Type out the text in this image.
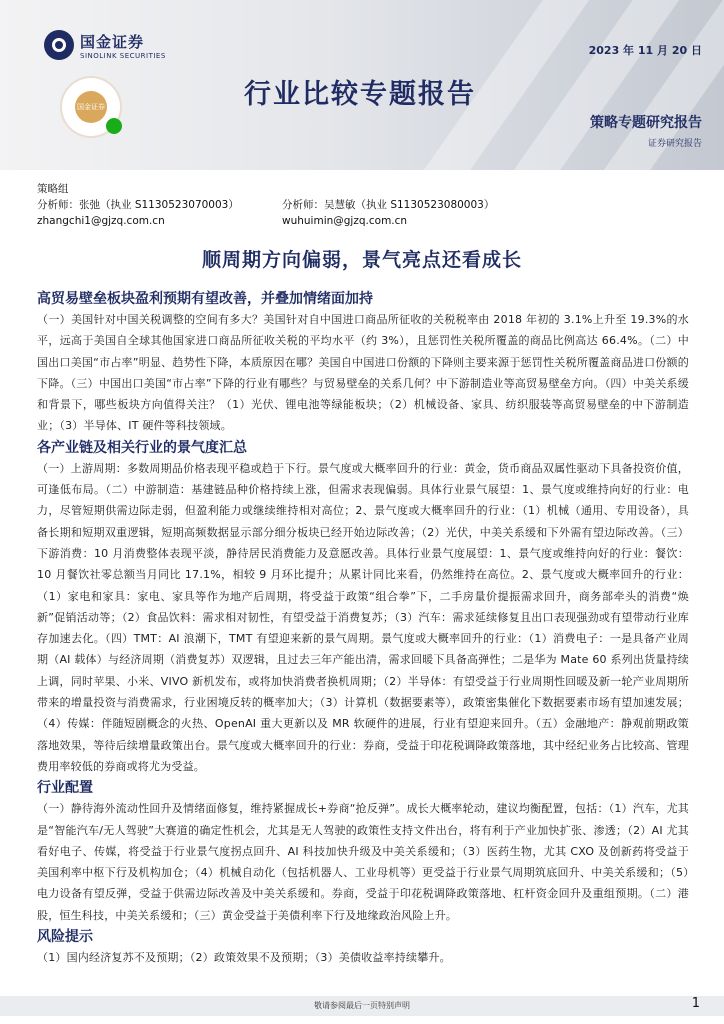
国金证券
SINOLINK SECURITIES	2023 年 11 月 20 日
国金证券	行业比较专题报告
策略专题研究报告
证券研究报告
策略组
分析师：张弛（执业 S1130523070003）	分析师：吴慧敏（执业 S1130523080003）
zhangchi1@gjzq.com.cn	wuhuimin@gjzq.com.cn
顺周期方向偏弱，景气亮点还看成长
高贸易壁垒板块盈利预期有望改善，并叠加情绪面加持

（一）美国针对中国关税调整的空间有多大？美国针对自中国进口商品所征收的关税税率由 2018 年初的 3.1%上升至 19.3%的水平，远高于美国自全球其他国家进口商品所征收关税的平均水平（约 3%），且惩罚性关税所覆盖的商品比例高达 66.4%。（二）中国出口美国“市占率”明显、趋势性下降，本质原因在哪？美国自中国进口份额的下降则主要来源于惩罚性关税所覆盖商品进口份额的下降。（三）中国出口美国“市占率”下降的行业有哪些？与贸易壁垒的关系几何？中下游制造业等高贸易壁垒方向。（四）中美关系缓和背景下，哪些板块方向值得关注？（1）光伏、锂电池等绿能板块；（2）机械设备、家具、纺织服装等高贸易壁垒的中下游制造业；（3）半导体、IT 硬件等科技领域。

各产业链及相关行业的景气度汇总

（一）上游周期：多数周期品价格表现平稳或趋于下行。景气度或大概率回升的行业：黄金，货币商品双属性驱动下具备投资价值，可逢低布局。（二）中游制造：基建链品种价格持续上涨，但需求表现偏弱。具体行业景气展望：1、景气度或维持向好的行业：电力，尽管短期供需边际走弱，但盈利能力或继续维持相对高位；2、景气度或大概率回升的行业：（1）机械（通用、专用设备），具备长期和短期双重逻辑，短期高频数据显示部分细分板块已经开始边际改善；（2）光伏，中美关系缓和下外需有望边际改善。（三）下游消费：10 月消费整体表现平淡，静待居民消费能力及意愿改善。具体行业景气度展望：1、景气度或维持向好的行业：餐饮：10 月餐饮社零总额当月同比 17.1%，相较 9 月环比提升；从累计同比来看，仍然维持在高位。2、景气度或大概率回升的行业：（1）家电和家具：家电、家具等作为地产后周期，将受益于政策“组合拳”下，二手房量价提振需求回升，商务部牵头的消费“焕新”促销活动等；（2）食品饮料：需求相对韧性，有望受益于消费复苏；（3）汽车：需求延续修复且出口表现强劲或有望带动行业库存加速去化。（四）TMT：AI 浪潮下，TMT 有望迎来新的景气周期。景气度或大概率回升的行业：（1）消费电子：一是具备产业周期（AI 载体）与经济周期（消费复苏）双逻辑，且过去三年产能出清，需求回暖下具备高弹性；二是华为 Mate 60 系列出货量持续上调，同时苹果、小米、VIVO 新机发布，或将加快消费者换机周期；（2）半导体：有望受益于行业周期性回暖及新一轮产业周期所带来的增量投资与消费需求，行业困境反转的概率加大；（3）计算机（数据要素等），政策密集催化下数据要素市场有望加速发展；（4）传媒：伴随短剧概念的火热、OpenAI 重大更新以及 MR 软硬件的进展，行业有望迎来回升。（五）金融地产：静观前期政策落地效果，等待后续增量政策出台。景气度或大概率回升的行业：券商，受益于印花税调降政策落地，其中经纪业务占比较高、管理费用率较低的券商或将尤为受益。

行业配置

（一）静待海外流动性回升及情绪面修复，维持紧握成长+券商“抢反弹”。成长大概率轮动，建议均衡配置，包括：（1）汽车，尤其是“智能汽车/无人驾驶”大赛道的确定性机会，尤其是无人驾驶的政策性支持文件出台，将有利于产业加快扩张、渗透；（2）AI 尤其看好电子、传媒，将受益于行业景气度拐点回升、AI 科技加快升级及中美关系缓和；（3）医药生物，尤其 CXO 及创新药将受益于美国利率中枢下行及机构加仓；（4）机械自动化（包括机器人、工业母机等）更受益于行业景气周期筑底回升、中美关系缓和；（5）电力设备有望反弹，受益于供需边际改善及中美关系缓和。券商，受益于印花税调降政策落地、杠杆资金回升及重组预期。（二）港股，恒生科技，中美关系缓和；（三）黄金受益于美债利率下行及地缘政治风险上升。

风险提示

（1）国内经济复苏不及预期；（2）政策效果不及预期；（3）美债收益率持续攀升。

敬请参阅最后一页特别声明	1
